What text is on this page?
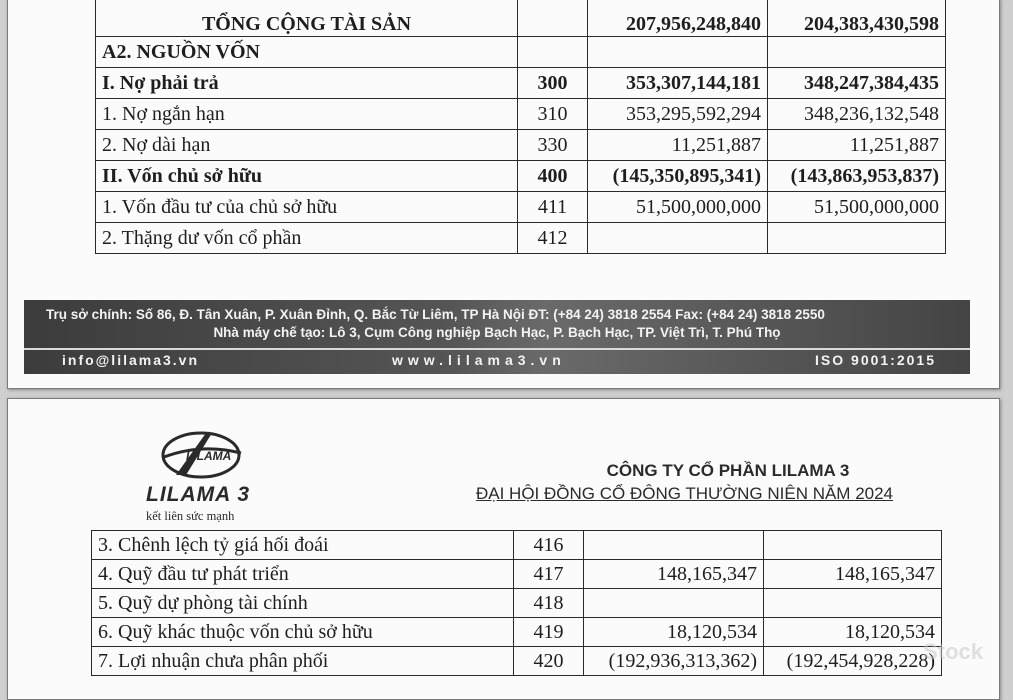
TỔNG CỘNG TÀI SẢN		207,956,248,840	204,383,430,598
A2. NGUỒN VỐN			
I. Nợ phải trả	300	353,307,144,181	348,247,384,435
1. Nợ ngắn hạn	310	353,295,592,294	348,236,132,548
2. Nợ dài hạn	330	11,251,887	11,251,887
II. Vốn chủ sở hữu	400	(145,350,895,341)	(143,863,953,837)
1. Vốn đầu tư của chủ sở hữu	411	51,500,000,000	51,500,000,000
2. Thặng dư vốn cổ phần	412		
Trụ sở chính: Số 86, Đ. Tân Xuân, P. Xuân Đỉnh, Q. Bắc Từ Liêm, TP Hà Nội ĐT: (+84 24) 3818 2554 Fax: (+84 24) 3818 2550
Nhà máy chế tạo: Lô 3, Cụm Công nghiệp Bạch Hạc, P. Bạch Hạc, TP. Việt Trì, T. Phú Thọ
info@lilama3.vn	www.lilama3.vn	ISO 9001:2015
LILAMA
LILAMA 3
kết liên sức mạnh
CÔNG TY CỔ PHẦN LILAMA 3
ĐẠI HỘI ĐỒNG CỔ ĐÔNG THƯỜNG NIÊN NĂM 2024
3. Chênh lệch tỷ giá hối đoái	416		
4. Quỹ đầu tư phát triển	417	148,165,347	148,165,347
5. Quỹ dự phòng tài chính	418		
6. Quỹ khác thuộc vốn chủ sở hữu	419	18,120,534	18,120,534
7. Lợi nhuận chưa phân phối	420	(192,936,313,362)	(192,454,928,228)
Stock
